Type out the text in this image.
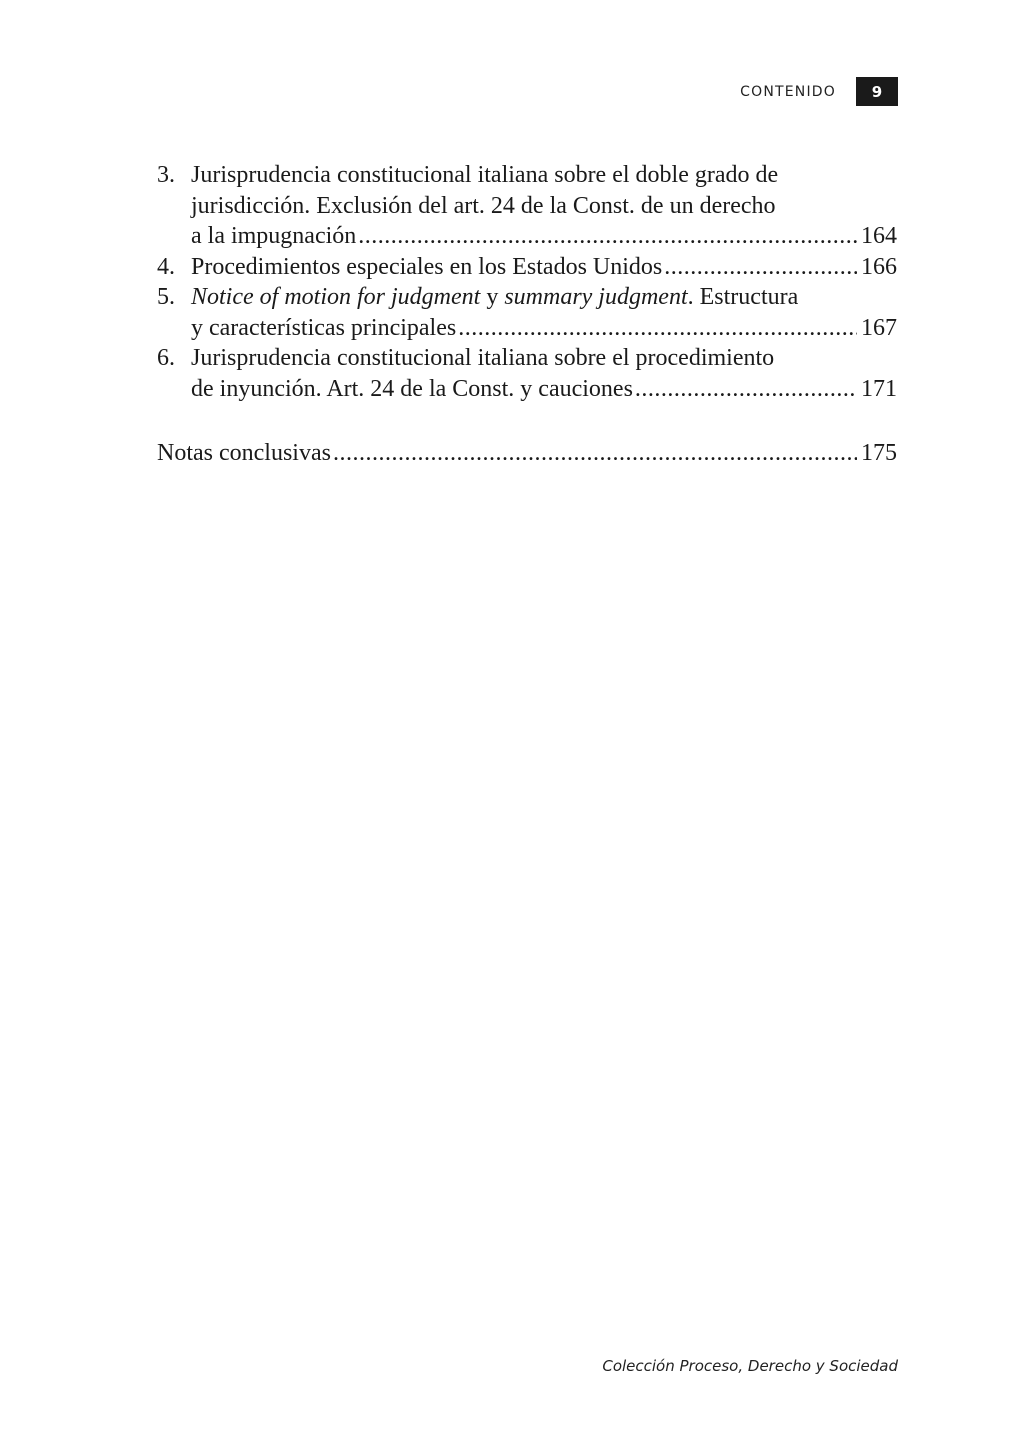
CONTENIDO	9
3. Jurisprudencia constitucional italiana sobre el doble grado de
jurisdicción. Exclusión del art. 24 de la Const. de un derecho
a la impugnación .....	164
4. Procedimientos especiales en los Estados Unidos .....	166
5. Notice of motion for judgment y summary judgment. Estructura
y características principales .....	167
6. Jurisprudencia constitucional italiana sobre el procedimiento
de inyunción. Art. 24 de la Const. y cauciones .....	171
Notas conclusivas .....	175
Colección Proceso, Derecho y Sociedad
